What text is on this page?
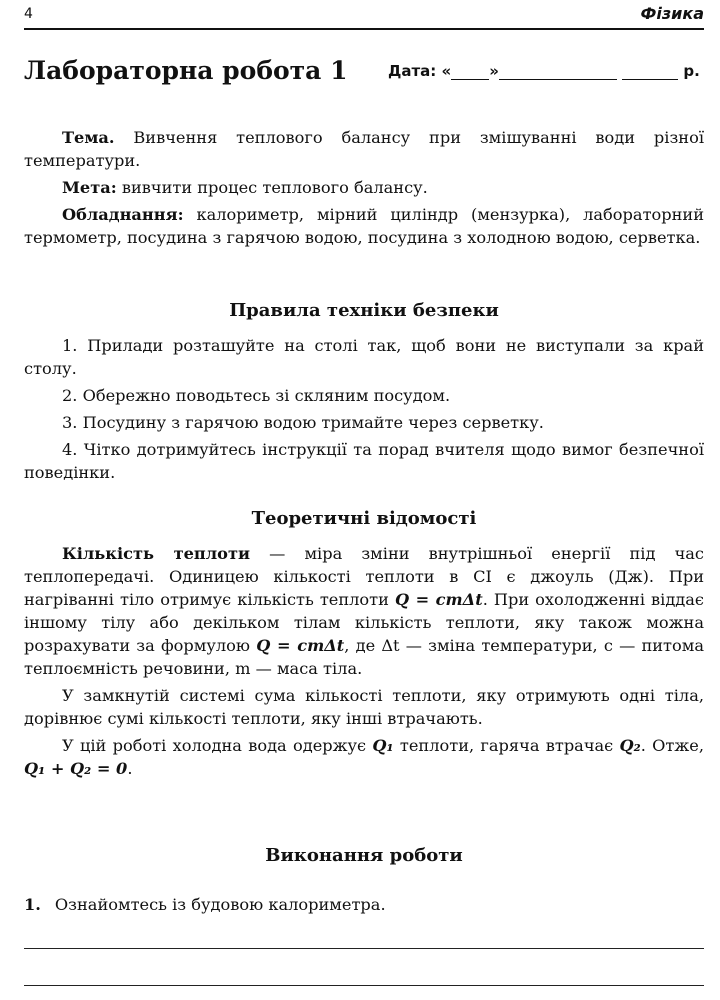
4	Фізика
Лабораторна робота 1	Дата: «	»	р.

Тема. Вивчення теплового балансу при змішуванні води різної температури.

Мета: вивчити процес теплового балансу.

Обладнання: калориметр, мірний циліндр (мензурка), лабораторний термометр, посудина з гарячою водою, посудина з холодною водою, серветка.

Правила техніки безпеки

1. Прилади розташуйте на столі так, щоб вони не виступали за край столу.

2. Обережно поводьтесь зі скляним посудом.

3. Посудину з гарячою водою тримайте через серветку.

4. Чітко дотримуйтесь інструкції та порад вчителя щодо вимог безпечної поведінки.

Теоретичні відомості

Кількість теплоти — міра зміни внутрішньої енергії під час теплопередачі. Одиницею кількості теплоти в СІ є джоуль (Дж). При нагріванні тіло отримує кількість теплоти Q = cmΔt. При охолодженні віддає іншому тілу або декільком тілам кількість теплоти, яку також можна розрахувати за формулою Q = cmΔt, де Δt — зміна температури, c — питома теплоємність речовини, m — маса тіла.

У замкнутій системі сума кількості теплоти, яку отримують одні тіла, дорівнює сумі кількості теплоти, яку інші втрачають.

У цій роботі холодна вода одержує Q₁ теплоти, гаряча втрачає Q₂. Отже, Q₁ + Q₂ = 0.

Виконання роботи
1. Ознайомтесь із будовою калориметра.
